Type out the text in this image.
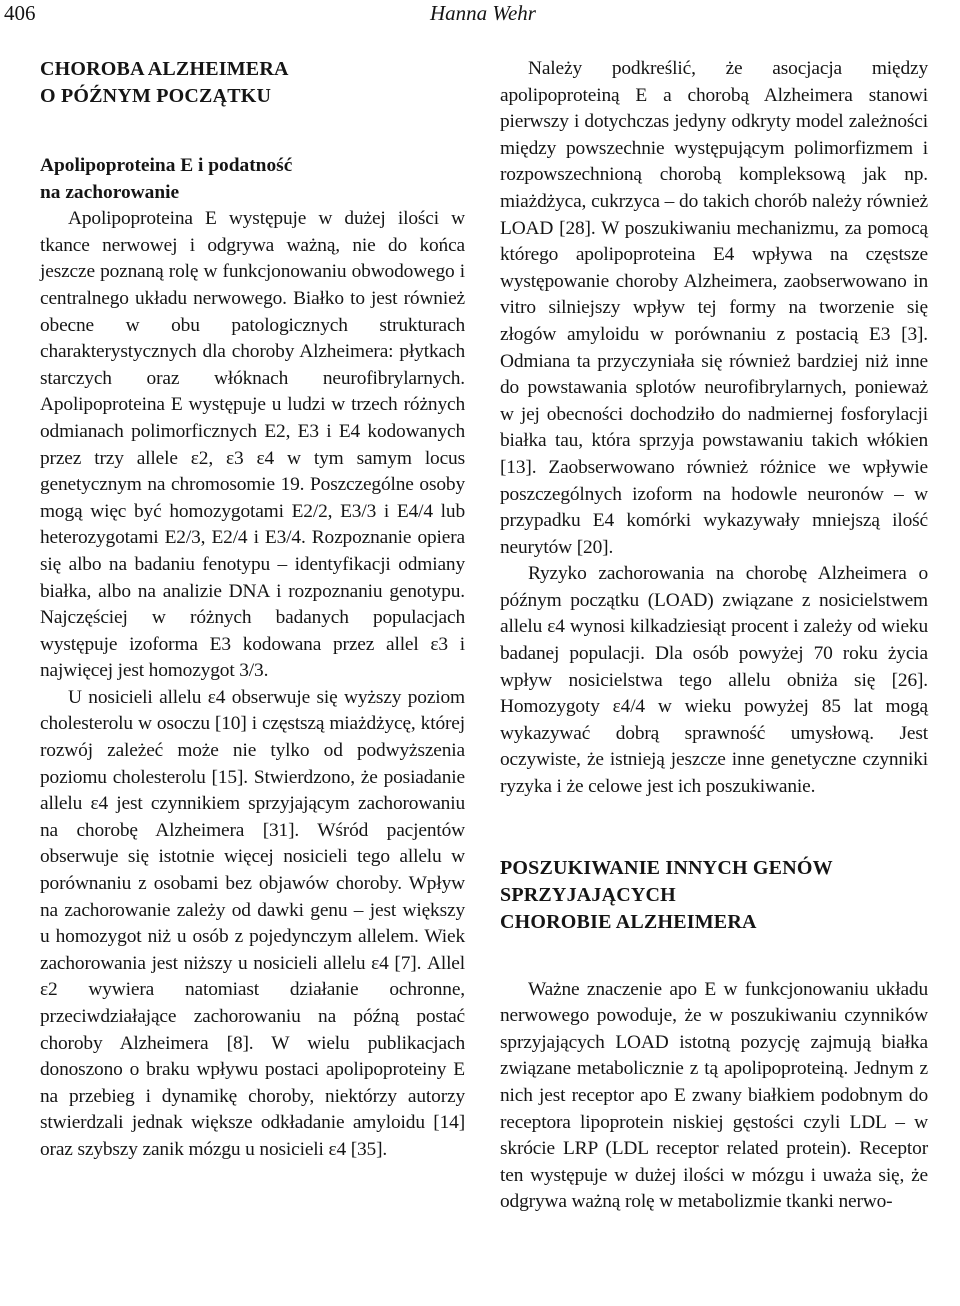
406	Hanna Wehr
CHOROBA ALZHEIMERA
O PÓŹNYM POCZĄTKU
Apolipoproteina E i podatność
na zachorowanie

Apolipoproteina E występuje w dużej ilości w tkance nerwowej i odgrywa ważną, nie do końca jeszcze poznaną rolę w funkcjonowaniu obwodowego i centralnego układu nerwowego. Białko to jest również obecne w obu patologicznych strukturach charakterystycznych dla choroby Alzheimera: płytkach starczych oraz włóknach neurofibrylarnych. Apolipoproteina E występuje u ludzi w trzech różnych odmianach polimorficznych E2, E3 i E4 kodowanych przez trzy allele ε2, ε3 ε4 w tym samym locus genetycznym na chromosomie 19. Poszczególne osoby mogą więc być homozygotami E2/2, E3/3 i E4/4 lub heterozygotami E2/3, E2/4 i E3/4. Rozpoznanie opiera się albo na badaniu fenotypu – identyfikacji odmiany białka, albo na analizie DNA i rozpoznaniu genotypu. Najczęściej w różnych badanych populacjach występuje izoforma E3 kodowana przez allel ε3 i najwięcej jest homozygot 3/3.

U nosicieli allelu ε4 obserwuje się wyższy poziom cholesterolu w osoczu [10] i częstszą miażdżycę, której rozwój zależeć może nie tylko od podwyższenia poziomu cholesterolu [15]. Stwierdzono, że posiadanie allelu ε4 jest czynnikiem sprzyjającym zachorowaniu na chorobę Alzheimera [31]. Wśród pacjentów obserwuje się istotnie więcej nosicieli tego allelu w porównaniu z osobami bez objawów choroby. Wpływ na zachorowanie zależy od dawki genu – jest większy u homozygot niż u osób z pojedynczym allelem. Wiek zachorowania jest niższy u nosicieli allelu ε4 [7]. Allel ε2 wywiera natomiast działanie ochronne, przeciwdziałające zachorowaniu na późną postać choroby Alzheimera [8]. W wielu publikacjach donoszono o braku wpływu postaci apolipoproteiny E na przebieg i dynamikę choroby, niektórzy autorzy stwierdzali jednak większe odkładanie amyloidu [14] oraz szybszy zanik mózgu u nosicieli ε4 [35].

Należy podkreślić, że asocjacja między apolipoproteiną E a chorobą Alzheimera stanowi pierwszy i dotychczas jedyny odkryty model zależności między powszechnie występującym polimorfizmem i rozpowszechnioną chorobą kompleksową jak np. miażdżyca, cukrzyca – do takich chorób należy również LOAD [28]. W poszukiwaniu mechanizmu, za pomocą którego apolipoproteina E4 wpływa na częstsze występowanie choroby Alzheimera, zaobserwowano in vitro silniejszy wpływ tej formy na tworzenie się złogów amyloidu w porównaniu z postacią E3 [3]. Odmiana ta przyczyniała się również bardziej niż inne do powstawania splotów neurofibrylarnych, ponieważ w jej obecności dochodziło do nadmiernej fosforylacji białka tau, która sprzyja powstawaniu takich włókien [13]. Zaobserwowano również różnice we wpływie poszczególnych izoform na hodowle neuronów – w przypadku E4 komórki wykazywały mniejszą ilość neurytów [20].

Ryzyko zachorowania na chorobę Alzheimera o późnym początku (LOAD) związane z nosicielstwem allelu ε4 wynosi kilkadziesiąt procent i zależy od wieku badanej populacji. Dla osób powyżej 70 roku życia wpływ nosicielstwa tego allelu obniża się [26]. Homozygoty ε4/4 w wieku powyżej 85 lat mogą wykazywać dobrą sprawność umysłową. Jest oczywiste, że istnieją jeszcze inne genetyczne czynniki ryzyka i że celowe jest ich poszukiwanie.

POSZUKIWANIE INNYCH GENÓW
SPRZYJAJĄCYCH
CHOROBIE ALZHEIMERA

Ważne znaczenie apo E w funkcjonowaniu układu nerwowego powoduje, że w poszukiwaniu czynników sprzyjających LOAD istotną pozycję zajmują białka związane metabolicznie z tą apolipoproteiną. Jednym z nich jest receptor apo E zwany białkiem podobnym do receptora lipoprotein niskiej gęstości czyli LDL – w skrócie LRP (LDL receptor related protein). Receptor ten występuje w dużej ilości w mózgu i uważa się, że odgrywa ważną rolę w metabolizmie tkanki nerwo-
